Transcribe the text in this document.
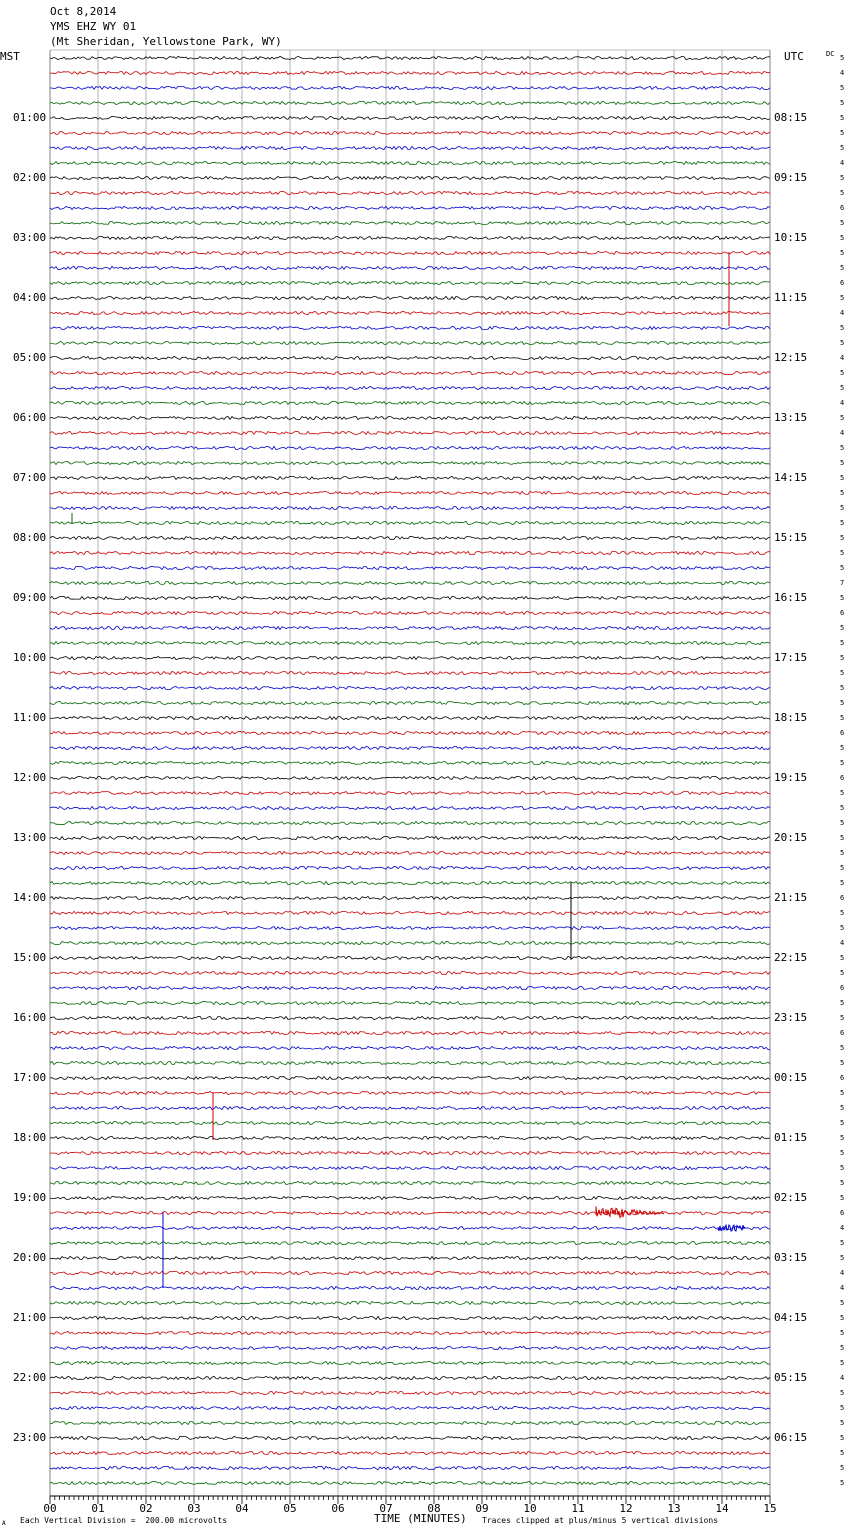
Oct 8,2014
YMS EHZ WY 01
(Mt Sheridan, Yellowstone Park, WY)
MST	UTC	DC
00	01	02	03	04	05	06	07	08	09	10	11	12	13	14	15
01:00
02:00
03:00
04:00
05:00
06:00
07:00
08:00
09:00
10:00
11:00
12:00
13:00
14:00
15:00
16:00
17:00
18:00
19:00
20:00
21:00
22:00
23:00
08:15
09:15
10:15
11:15
12:15
13:15
14:15
15:15
16:15
17:15
18:15
19:15
20:15
21:15
22:15
23:15
00:15
01:15
02:15
03:15
04:15
05:15
06:15
5
4
5
5
5
5
5
4
5
5
6
5
5
5
5
6
5
4
5
5
4
5
5
4
5
4
5
5
5
5
5
5
5
5
5
7
5
6
5
5
5
5
5
5
5
6
5
5
6
5
5
5
5
5
5
5
6
5
5
4
5
5
6
5
5
6
5
5
6
5
5
5
5
5
5
5
5
6
4
5
5
4
4
5
5
5
5
5
4
5
5
5
5
5
5
5
A Each Vertical Division =  200.00 microvolts	TIME (MINUTES) Traces clipped at plus/minus 5 vertical divisions
